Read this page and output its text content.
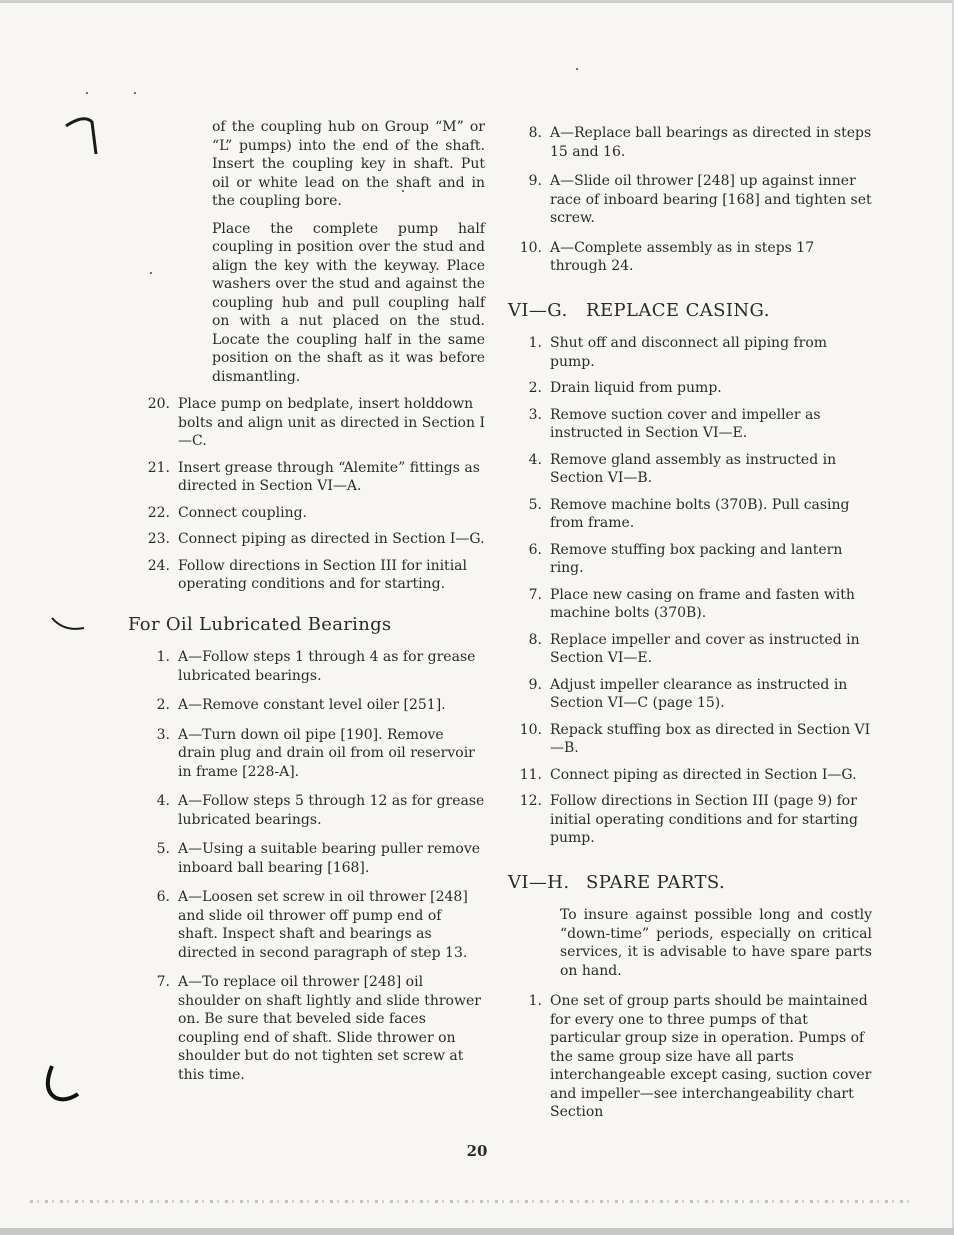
of the coupling hub on Group “M” or “L” pumps) into the end of the shaft. Insert the coupling key in shaft. Put oil or white lead on the shaft and in the coupling bore.

Place the complete pump half coupling in position over the stud and align the key with the keyway. Place washers over the stud and against the coupling hub and pull coupling half on with a nut placed on the stud. Locate the coupling half in the same position on the shaft as it was before dismantling.

20. Place pump on bedplate, insert holddown bolts and align unit as directed in Section I—C.
21. Insert grease through “Alemite” fittings as directed in Section VI—A.
22. Connect coupling.
23. Connect piping as directed in Section I—G.
24. Follow directions in Section III for initial operating conditions and for starting.
For Oil Lubricated Bearings
1. A—Follow steps 1 through 4 as for grease lubricated bearings.
2. A—Remove constant level oiler [251].
3. A—Turn down oil pipe [190]. Remove drain plug and drain oil from oil reservoir in frame [228-A].
4. A—Follow steps 5 through 12 as for grease lubricated bearings.
5. A—Using a suitable bearing puller remove inboard ball bearing [168].
6. A—Loosen set screw in oil thrower [248] and slide oil thrower off pump end of shaft. Inspect shaft and bearings as directed in second paragraph of step 13.
7. A—To replace oil thrower [248] oil shoulder on shaft lightly and slide thrower on. Be sure that beveled side faces coupling end of shaft. Slide thrower on shoulder but do not tighten set screw at this time.
8. A—Replace ball bearings as directed in steps 15 and 16.
9. A—Slide oil thrower [248] up against inner race of inboard bearing [168] and tighten set screw.
10. A—Complete assembly as in steps 17 through 24.
VI—G. REPLACE CASING.
1. Shut off and disconnect all piping from pump.
2. Drain liquid from pump.
3. Remove suction cover and impeller as instructed in Section VI—E.
4. Remove gland assembly as instructed in Section VI—B.
5. Remove machine bolts (370B). Pull casing from frame.
6. Remove stuffing box packing and lantern ring.
7. Place new casing on frame and fasten with machine bolts (370B).
8. Replace impeller and cover as instructed in Section VI—E.
9. Adjust impeller clearance as instructed in Section VI—C (page 15).
10. Repack stuffing box as directed in Section VI—B.
11. Connect piping as directed in Section I—G.
12. Follow directions in Section III (page 9) for initial operating conditions and for starting pump.
VI—H. SPARE PARTS.

To insure against possible long and costly “down-time” periods, especially on critical services, it is advisable to have spare parts on hand.

1. One set of group parts should be maintained for every one to three pumps of that particular group size in operation. Pumps of the same group size have all parts interchangeable except casing, suction cover and impeller—see interchangeability chart Section
20
